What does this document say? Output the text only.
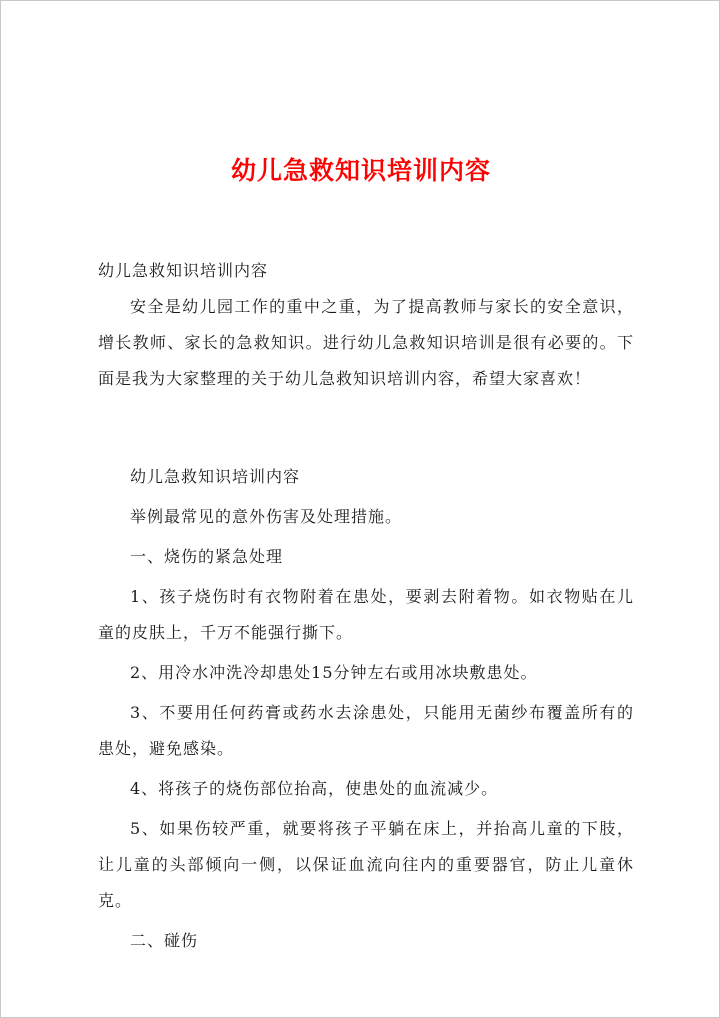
幼儿急救知识培训内容

幼儿急救知识培训内容

安全是幼儿园工作的重中之重，为了提高教师与家长的安全意识，增长教师、家长的急救知识。进行幼儿急救知识培训是很有必要的。下面是我为大家整理的关于幼儿急救知识培训内容，希望大家喜欢！

幼儿急救知识培训内容

举例最常见的意外伤害及处理措施。

一、烧伤的紧急处理

1、孩子烧伤时有衣物附着在患处，要剥去附着物。如衣物贴在儿童的皮肤上，千万不能强行撕下。

2、用冷水冲洗冷却患处15分钟左右或用冰块敷患处。

3、不要用任何药膏或药水去涂患处，只能用无菌纱布覆盖所有的患处，避免感染。

4、将孩子的烧伤部位抬高，使患处的血流减少。

5、如果伤较严重，就要将孩子平躺在床上，并抬高儿童的下肢，让儿童的头部倾向一侧，以保证血流向往内的重要器官，防止儿童休克。

二、碰伤
